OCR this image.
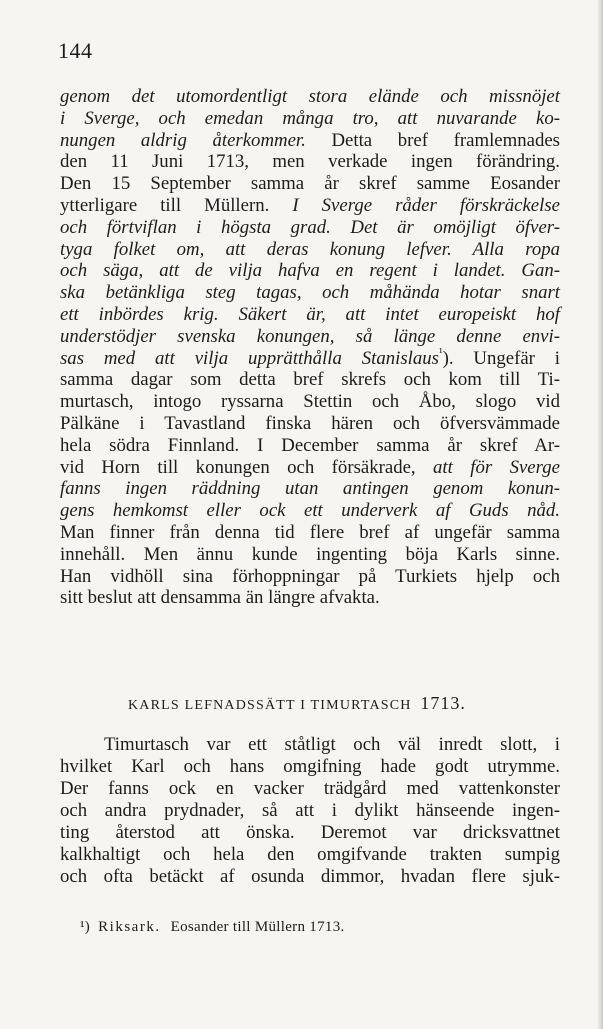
144
genom det utomordentligt stora elände och missnöjet
i Sverge, och emedan många tro, att nuvarande ko-
nungen aldrig återkommer. Detta bref framlemnades
den 11 Juni 1713, men verkade ingen förändring.
Den 15 September samma år skref samme Eosander
ytterligare till Müllern. I Sverge råder förskräckelse
och förtviflan i högsta grad. Det är omöjligt öfver-
tyga folket om, att deras konung lefver. Alla ropa
och säga, att de vilja hafva en regent i landet. Gan-
ska betänkliga steg tagas, och måhända hotar snart
ett inbördes krig. Säkert är, att intet europeiskt hof
understödjer svenska konungen, så länge denne envi-
sas med att vilja upprätthålla Stanislaus$^{^1}$). Ungefär i
samma dagar som detta bref skrefs och kom till Ti-
murtasch, intogo ryssarna Stettin och Åbo, slogo vid
Pälkäne i Tavastland finska hären och öfversvämmade
hela södra Finnland. I December samma år skref Ar-
vid Horn till konungen och försäkrade, att för Sverge
fanns ingen räddning utan antingen genom konun-
gens hemkomst eller ock ett underverk af Guds nåd.
Man finner från denna tid flere bref af ungefär samma
innehåll. Men ännu kunde ingenting böja Karls sinne.
Han vidhöll sina förhoppningar på Turkiets hjelp och
sitt beslut att densamma än längre afvakta.
KARLS LEFNADSSÄTT I TIMURTASCH 1713.
Timurtasch var ett ståtligt och väl inredt slott, i
hvilket Karl och hans omgifning hade godt utrymme.
Der fanns ock en vacker trädgård med vattenkonster
och andra prydnader, så att i dylikt hänseende ingen-
ting återstod att önska. Deremot var dricksvattnet
kalkhaltigt och hela den omgifvande trakten sumpig
och ofta betäckt af osunda dimmor, hvadan flere sjuk-
¹) Riksark. Eosander till Müllern 1713.
